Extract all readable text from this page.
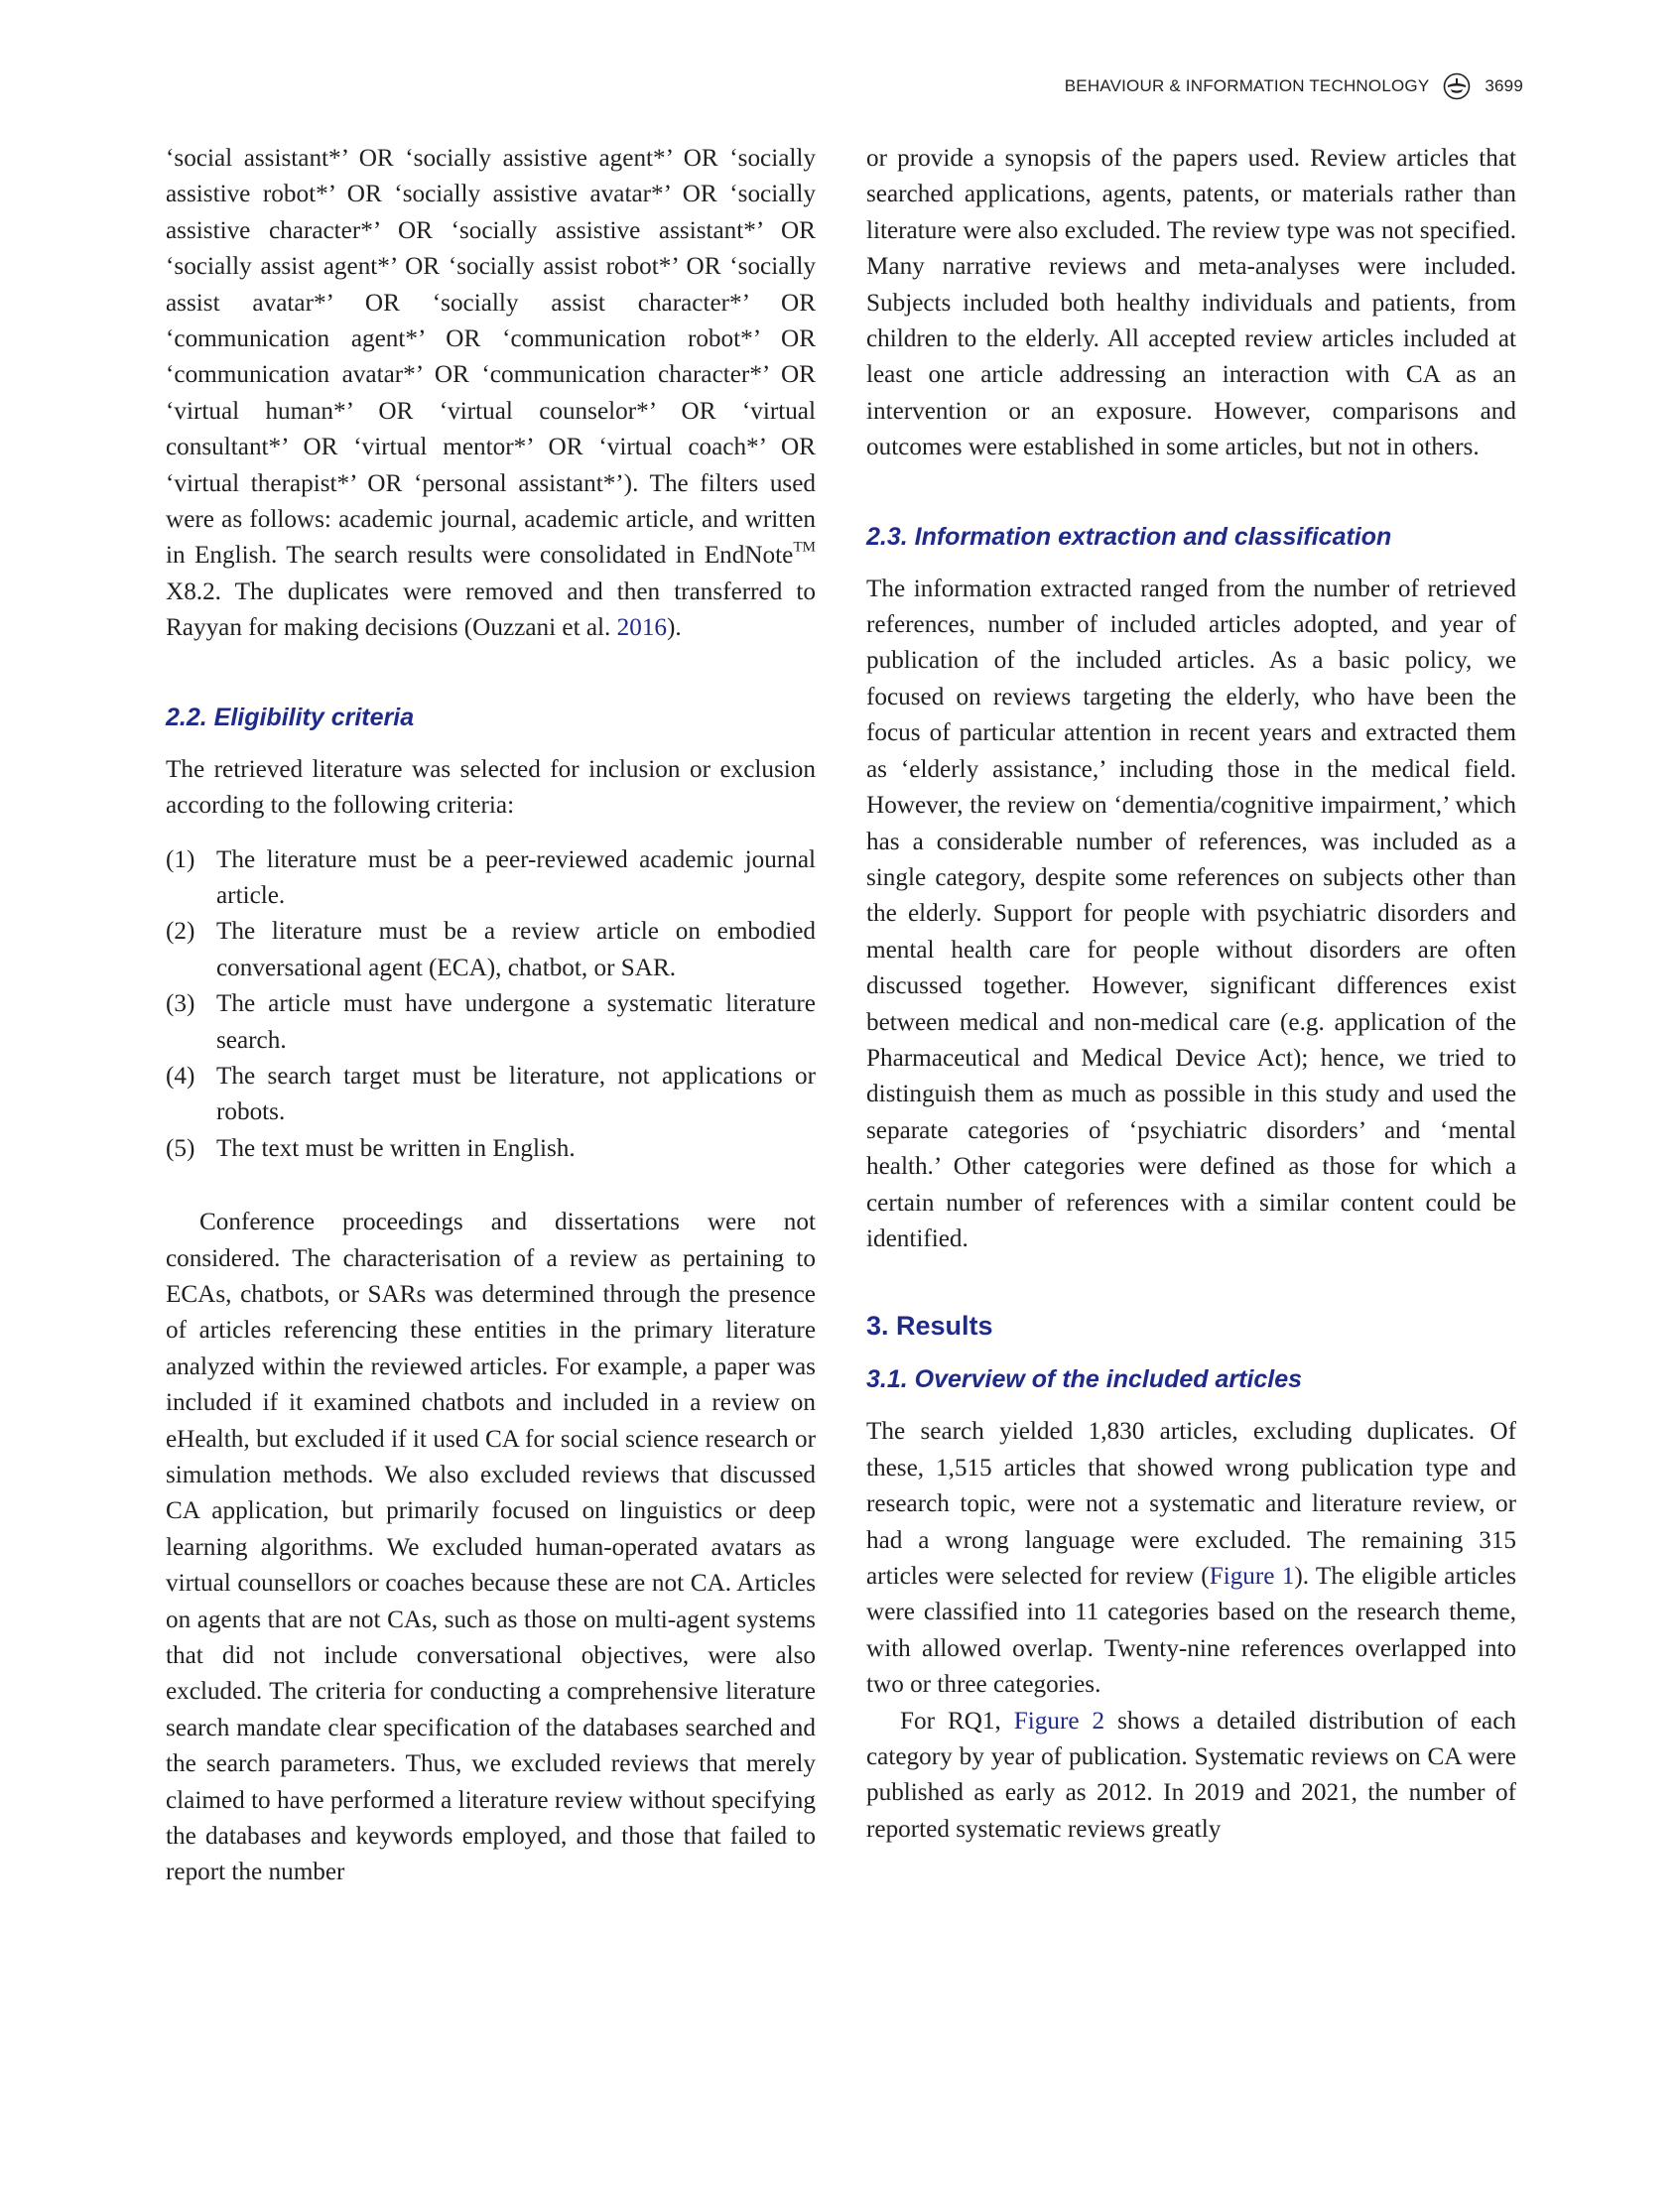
BEHAVIOUR & INFORMATION TECHNOLOGY	3699

‘social assistant*’ OR ‘socially assistive agent*’ OR ‘socially assistive robot*’ OR ‘socially assistive avatar*’ OR ‘socially assistive character*’ OR ‘socially assistive assistant*’ OR ‘socially assist agent*’ OR ‘socially assist robot*’ OR ‘socially assist avatar*’ OR ‘socially assist character*’ OR ‘communication agent*’ OR ‘communication robot*’ OR ‘communication avatar*’ OR ‘communication character*’ OR ‘virtual human*’ OR ‘virtual counselor*’ OR ‘virtual consultant*’ OR ‘virtual mentor*’ OR ‘virtual coach*’ OR ‘virtual therapist*’ OR ‘personal assistant*’). The filters used were as follows: academic journal, academic article, and written in English. The search results were consolidated in EndNote™ X8.2. The duplicates were removed and then transferred to Rayyan for making decisions (Ouzzani et al. 2016).

2.2. Eligibility criteria

The retrieved literature was selected for inclusion or exclusion according to the following criteria:

(1) The literature must be a peer-reviewed academic journal article.
(2) The literature must be a review article on embodied conversational agent (ECA), chatbot, or SAR.
(3) The article must have undergone a systematic literature search.
(4) The search target must be literature, not applications or robots.
(5) The text must be written in English.

Conference proceedings and dissertations were not considered. The characterisation of a review as pertaining to ECAs, chatbots, or SARs was determined through the presence of articles referencing these entities in the primary literature analyzed within the reviewed articles. For example, a paper was included if it examined chatbots and included in a review on eHealth, but excluded if it used CA for social science research or simulation methods. We also excluded reviews that discussed CA application, but primarily focused on linguistics or deep learning algorithms. We excluded human-operated avatars as virtual counsellors or coaches because these are not CA. Articles on agents that are not CAs, such as those on multi-agent systems that did not include conversational objectives, were also excluded. The criteria for conducting a comprehensive literature search mandate clear specification of the databases searched and the search parameters. Thus, we excluded reviews that merely claimed to have performed a literature review without specifying the databases and keywords employed, and those that failed to report the number

or provide a synopsis of the papers used. Review articles that searched applications, agents, patents, or materials rather than literature were also excluded. The review type was not specified. Many narrative reviews and meta-analyses were included. Subjects included both healthy individuals and patients, from children to the elderly. All accepted review articles included at least one article addressing an interaction with CA as an intervention or an exposure. However, comparisons and outcomes were established in some articles, but not in others.

2.3. Information extraction and classification

The information extracted ranged from the number of retrieved references, number of included articles adopted, and year of publication of the included articles. As a basic policy, we focused on reviews targeting the elderly, who have been the focus of particular attention in recent years and extracted them as ‘elderly assistance,’ including those in the medical field. However, the review on ‘dementia/cognitive impairment,’ which has a considerable number of references, was included as a single category, despite some references on subjects other than the elderly. Support for people with psychiatric disorders and mental health care for people without disorders are often discussed together. However, significant differences exist between medical and non-medical care (e.g. application of the Pharmaceutical and Medical Device Act); hence, we tried to distinguish them as much as possible in this study and used the separate categories of ‘psychiatric disorders’ and ‘mental health.’ Other categories were defined as those for which a certain number of references with a similar content could be identified.

3. Results
3.1. Overview of the included articles

The search yielded 1,830 articles, excluding duplicates. Of these, 1,515 articles that showed wrong publication type and research topic, were not a systematic and literature review, or had a wrong language were excluded. The remaining 315 articles were selected for review (Figure 1). The eligible articles were classified into 11 categories based on the research theme, with allowed overlap. Twenty-nine references overlapped into two or three categories.

For RQ1, Figure 2 shows a detailed distribution of each category by year of publication. Systematic reviews on CA were published as early as 2012. In 2019 and 2021, the number of reported systematic reviews greatly
